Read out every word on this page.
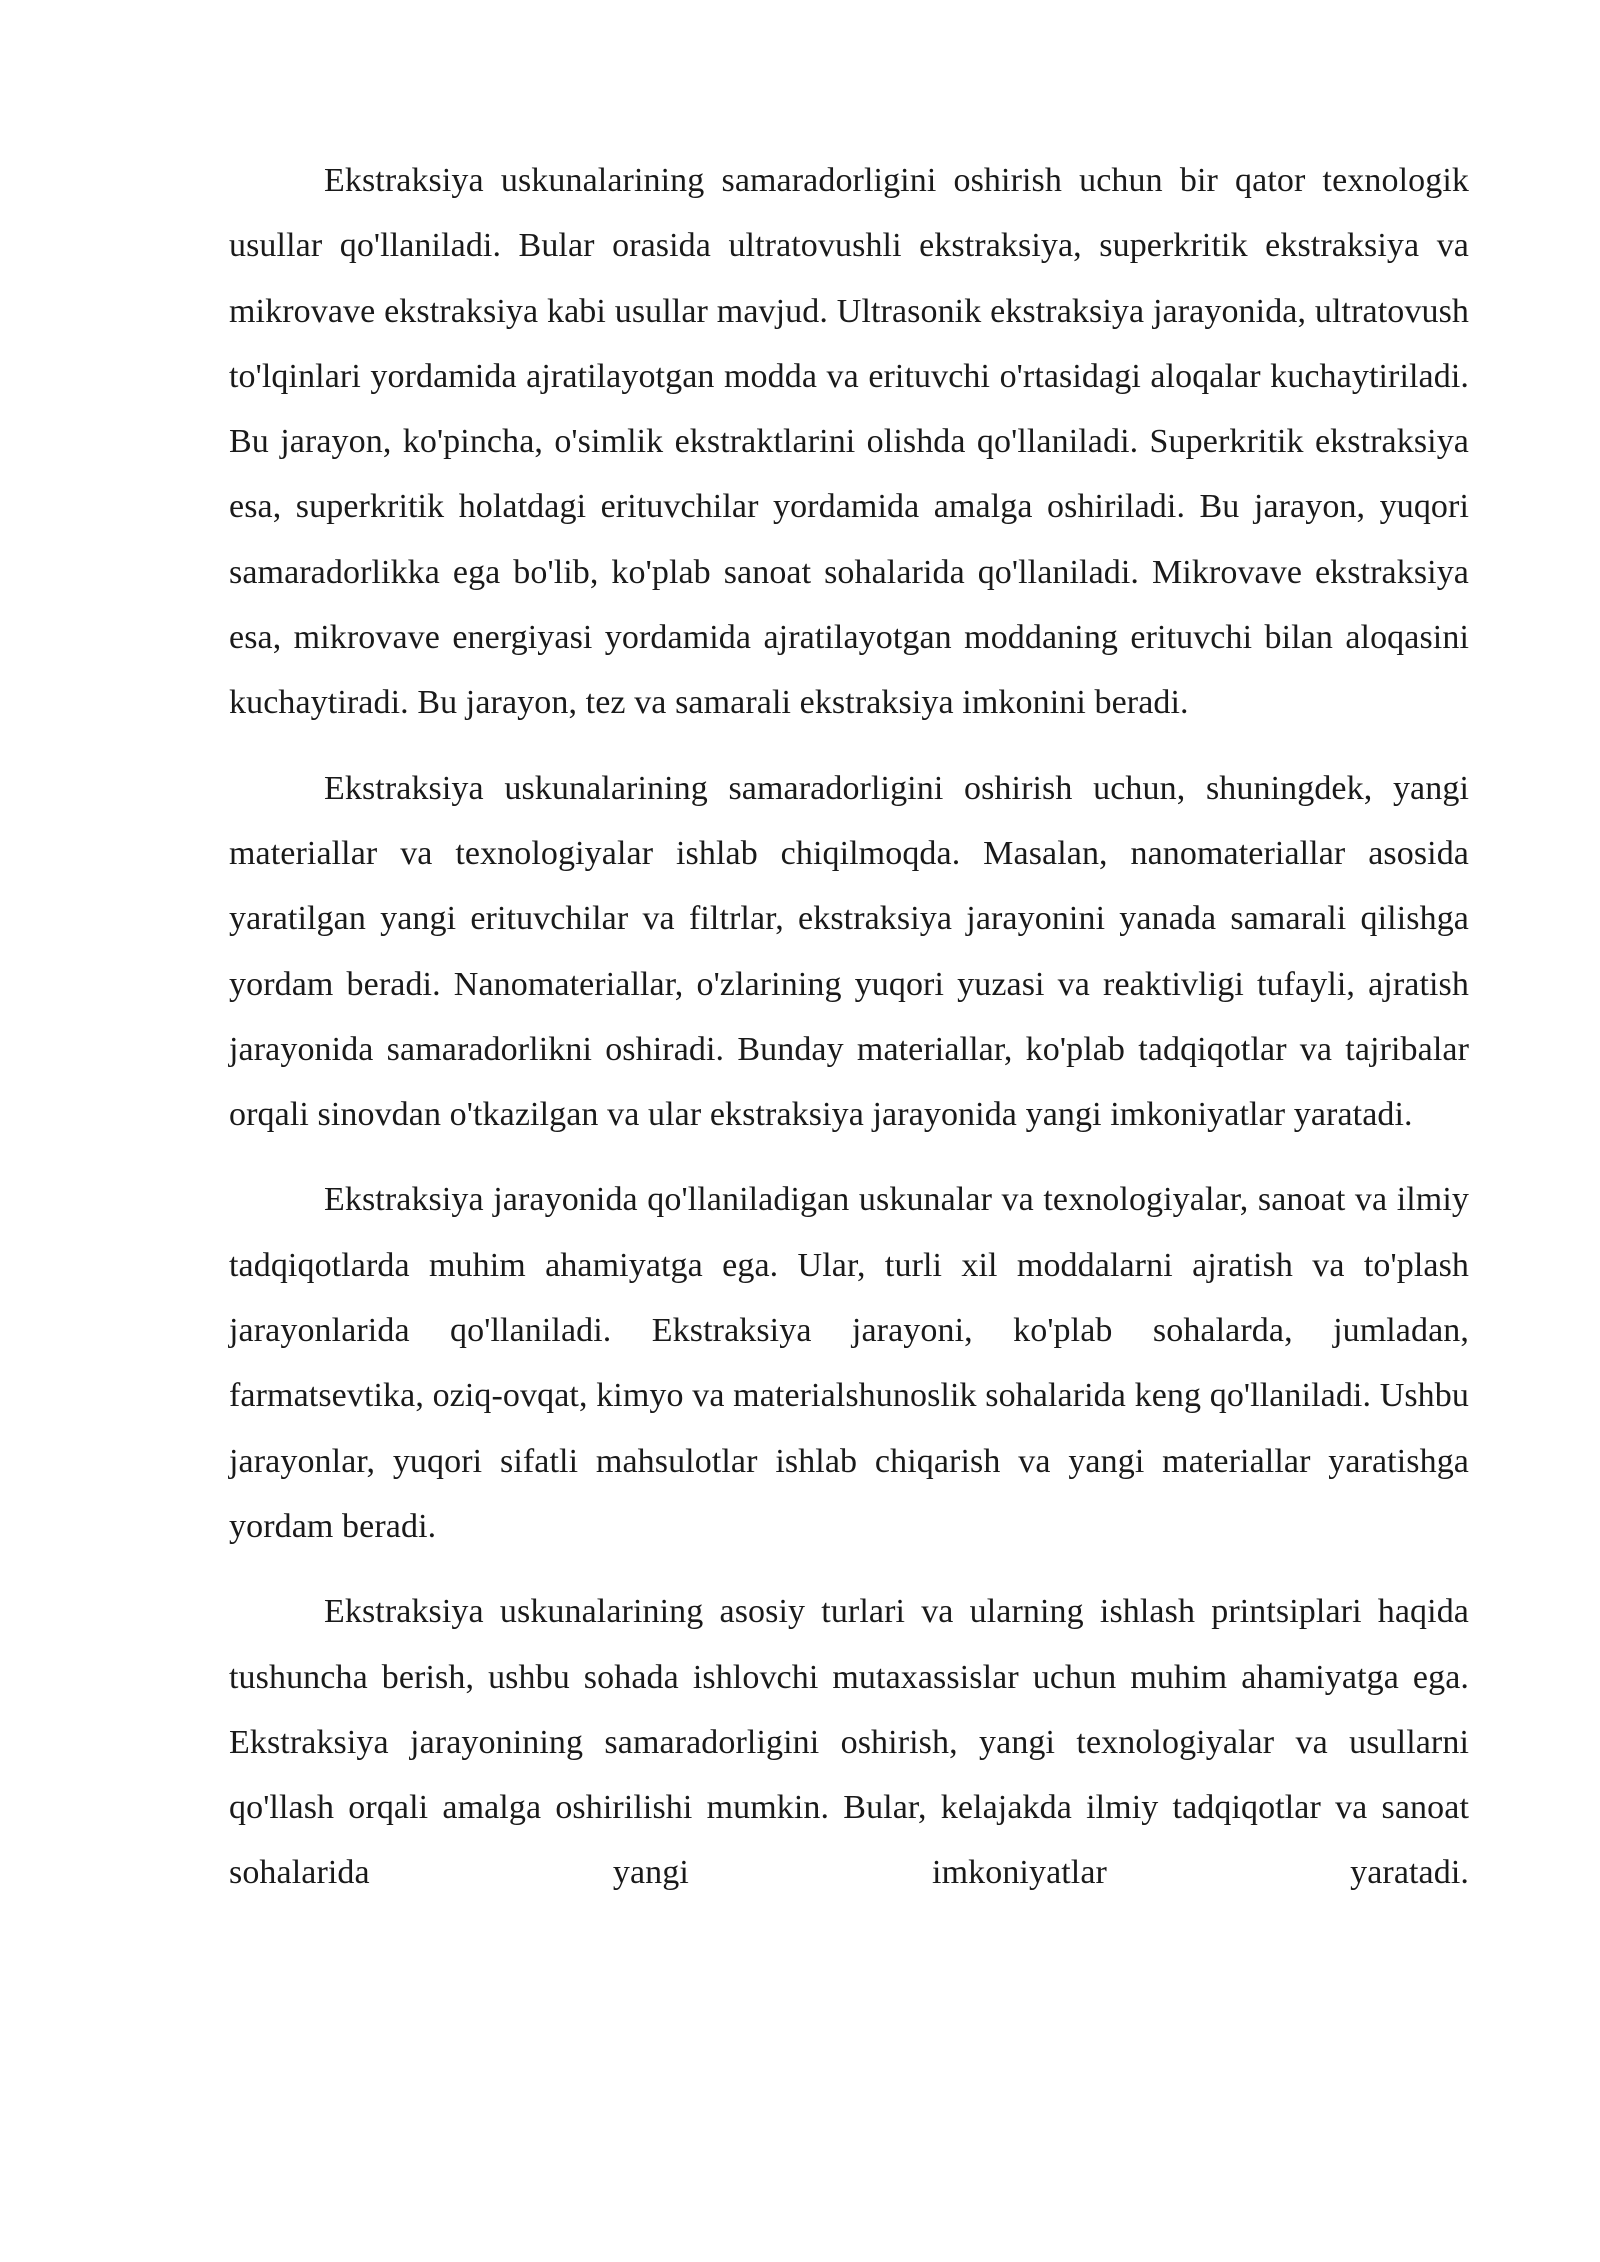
Ekstraksiya uskunalarining samaradorligini oshirish uchun bir qator texnologik usullar qo'llaniladi. Bular orasida ultratovushli ekstraksiya, superkritik ekstraksiya va mikrovave ekstraksiya kabi usullar mavjud. Ultrasonik ekstraksiya jarayonida, ultratovush to'lqinlari yordamida ajratilayotgan modda va erituvchi o'rtasidagi aloqalar kuchaytiriladi. Bu jarayon, ko'pincha, o'simlik ekstraktlarini olishda qo'llaniladi. Superkritik ekstraksiya esa, superkritik holatdagi erituvchilar yordamida amalga oshiriladi. Bu jarayon, yuqori samaradorlikka ega bo'lib, ko'plab sanoat sohalarida qo'llaniladi. Mikrovave ekstraksiya esa, mikrovave energiyasi yordamida ajratilayotgan moddaning erituvchi bilan aloqasini kuchaytiradi. Bu jarayon, tez va samarali ekstraksiya imkonini beradi.

Ekstraksiya uskunalarining samaradorligini oshirish uchun, shuningdek, yangi materiallar va texnologiyalar ishlab chiqilmoqda. Masalan, nanomateriallar asosida yaratilgan yangi erituvchilar va filtrlar, ekstraksiya jarayonini yanada samarali qilishga yordam beradi. Nanomateriallar, o'zlarining yuqori yuzasi va reaktivligi tufayli, ajratish jarayonida samaradorlikni oshiradi. Bunday materiallar, ko'plab tadqiqotlar va tajribalar orqali sinovdan o'tkazilgan va ular ekstraksiya jarayonida yangi imkoniyatlar yaratadi.

Ekstraksiya jarayonida qo'llaniladigan uskunalar va texnologiyalar, sanoat va ilmiy tadqiqotlarda muhim ahamiyatga ega. Ular, turli xil moddalarni ajratish va to'plash jarayonlarida qo'llaniladi. Ekstraksiya jarayoni, ko'plab sohalarda, jumladan, farmatsevtika, oziq-ovqat, kimyo va materialshunoslik sohalarida keng qo'llaniladi. Ushbu jarayonlar, yuqori sifatli mahsulotlar ishlab chiqarish va yangi materiallar yaratishga yordam beradi.

Ekstraksiya uskunalarining asosiy turlari va ularning ishlash printsiplari haqida tushuncha berish, ushbu sohada ishlovchi mutaxassislar uchun muhim ahamiyatga ega. Ekstraksiya jarayonining samaradorligini oshirish, yangi texnologiyalar va usullarni qo'llash orqali amalga oshirilishi mumkin. Bular, kelajakda ilmiy tadqiqotlar va sanoat sohalarida yangi imkoniyatlar yaratadi.
